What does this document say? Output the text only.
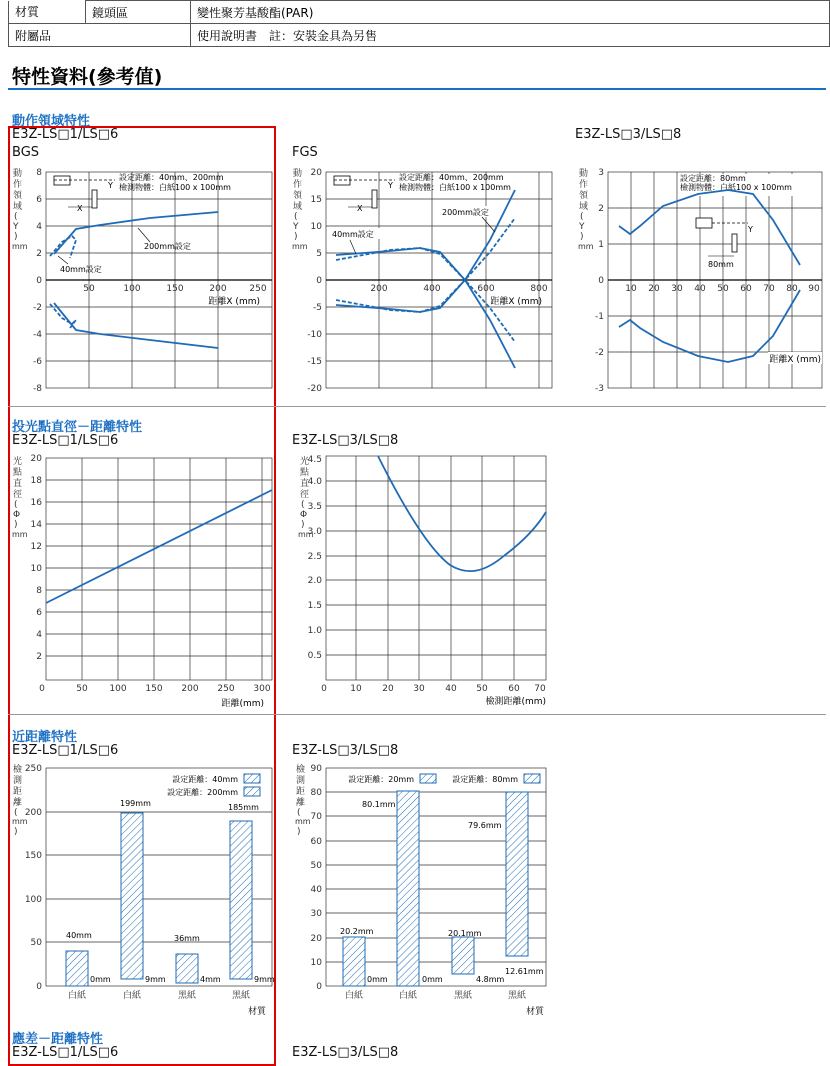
材質	鏡頭區	變性聚芳基酸酯(PAR)
附屬品		使用說明書　註：安裝金具為另售
特性資料(參考值)
動作領域特性
E3Z-LS□1/LS□6	E3Z-LS□3/LS□8
BGS	FGS
投光點直徑－距離特性
E3Z-LS□1/LS□6	E3Z-LS□3/LS□8
近距離特性
E3Z-LS□1/LS□6	E3Z-LS□3/LS□8
應差－距離特性
E3Z-LS□1/LS□6	E3Z-LS□3/LS□8
8
6
4
2
0
-2
-4
-6
-8
50	100	150	200	250
距離X (mm)
動
作
領
域
(
Y
)
mm
X
Y
設定距離：40mm、200mm
檢測物體：白紙100 x 100mm
200mm設定
40mm設定
20
15
10
5
0
-5
-10
-15
-20
200	400	600	800
距離X (mm)
動
作
領
域
(
Y
)
mm
X
Y
設定距離：40mm、200mm
檢測物體：白紙100 x 100mm
200mm設定
40mm設定
3
2
1
0
-1
-2
-3
10 20 30 40 50 60 70 80 90
距離X (mm)
動
作
領
域
(
Y
)
mm
設定距離：80mm
檢測物體：白紙100 x 100mm
Y
80mm
20
18
16
14
12
10
8
6
4
2
0	50 100 150 200 250 300
距離(mm)
光
點
直
徑
(
Φ
)
mm
4.5
4.0
3.5
3.0
2.5
2.0
1.5
1.0
0.5
0	10 20 30 40 50 60 70
檢測距離(mm)
光
點
直
徑
(
Φ
)
mm
250
200
150
100
50
0
檢
測
距
離
(
mm
)
40mm
199mm
36mm
185mm
0mm	9mm	4mm	9mm
設定距離：40mm
設定距離：200mm
白紙	白紙	黑紙	黑紙
材質
90
80
70
60
50
40
30
20
10
0
檢
測
距
離
(
mm
)
20.2mm
80.1mm
20.1mm
79.6mm
0mm	0mm	4.8mm
12.61mm
設定距離：20mm	設定距離：80mm
白紙	白紙	黑紙	黑紙
材質
